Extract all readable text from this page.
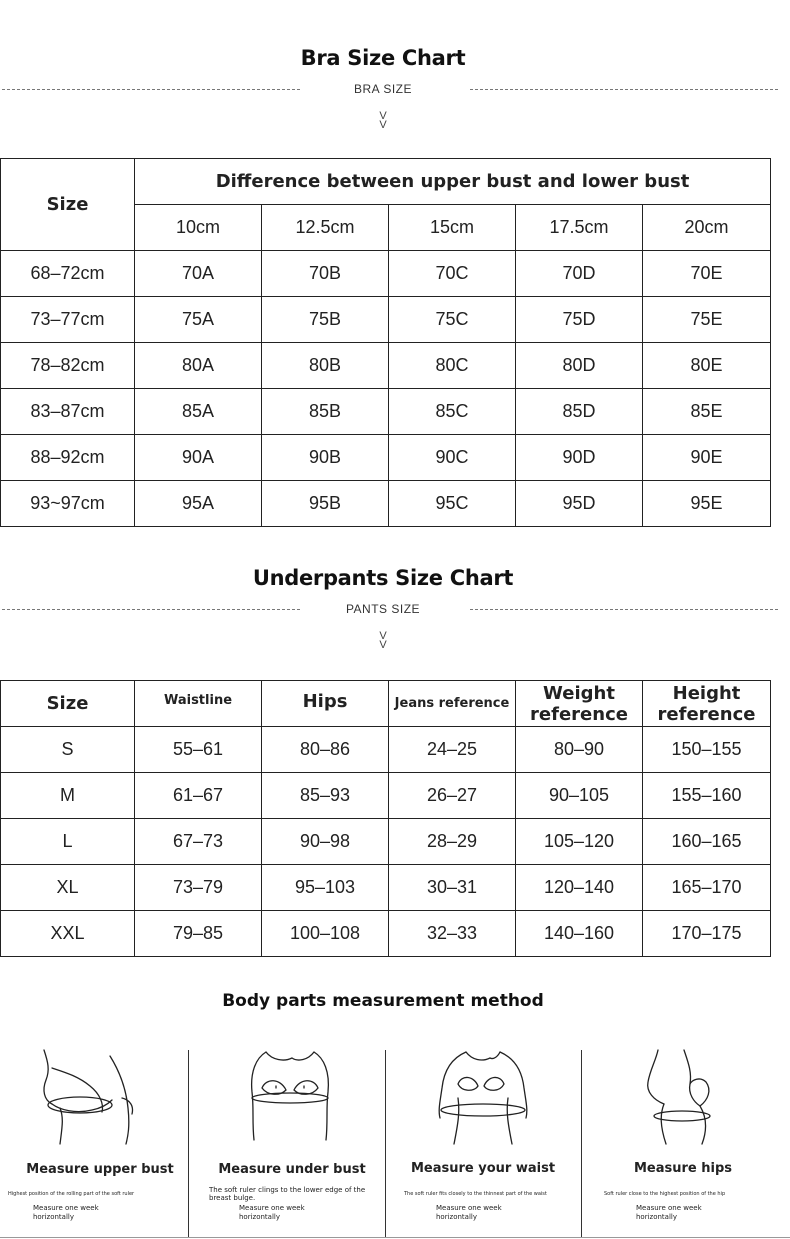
Bra Size Chart
BRA SIZE
V
V
Size	Difference between upper bust and lower bust				
	10cm	12.5cm	15cm	17.5cm	20cm
68–72cm	70A	70B	70C	70D	70E
73–77cm	75A	75B	75C	75D	75E
78–82cm	80A	80B	80C	80D	80E
83–87cm	85A	85B	85C	85D	85E
88–92cm	90A	90B	90C	90D	90E
93~97cm	95A	95B	95C	95D	95E
Underpants Size Chart
PANTS SIZE
V
V
Size	Waistline	Hips	Jeans reference	Weight reference	Height reference
S	55–61	80–86	24–25	80–90	150–155
M	61–67	85–93	26–27	90–105	155–160
L	67–73	90–98	28–29	105–120	160–165
XL	73–79	95–103	30–31	120–140	165–170
XXL	79–85	100–108	32–33	140–160	170–175
Body parts measurement method
Measure upper bust
Highest position of the rolling part of the soft ruler
Measure one week
horizontally
Measure under bust
The soft ruler clings to the lower edge of the breast bulge.
Measure one week
horizontally
Measure your waist
The soft ruler fits closely to the thinnest part of the waist
Measure one week
horizontally
Measure hips
Soft ruler close to the highest position of the hip
Measure one week
horizontally
